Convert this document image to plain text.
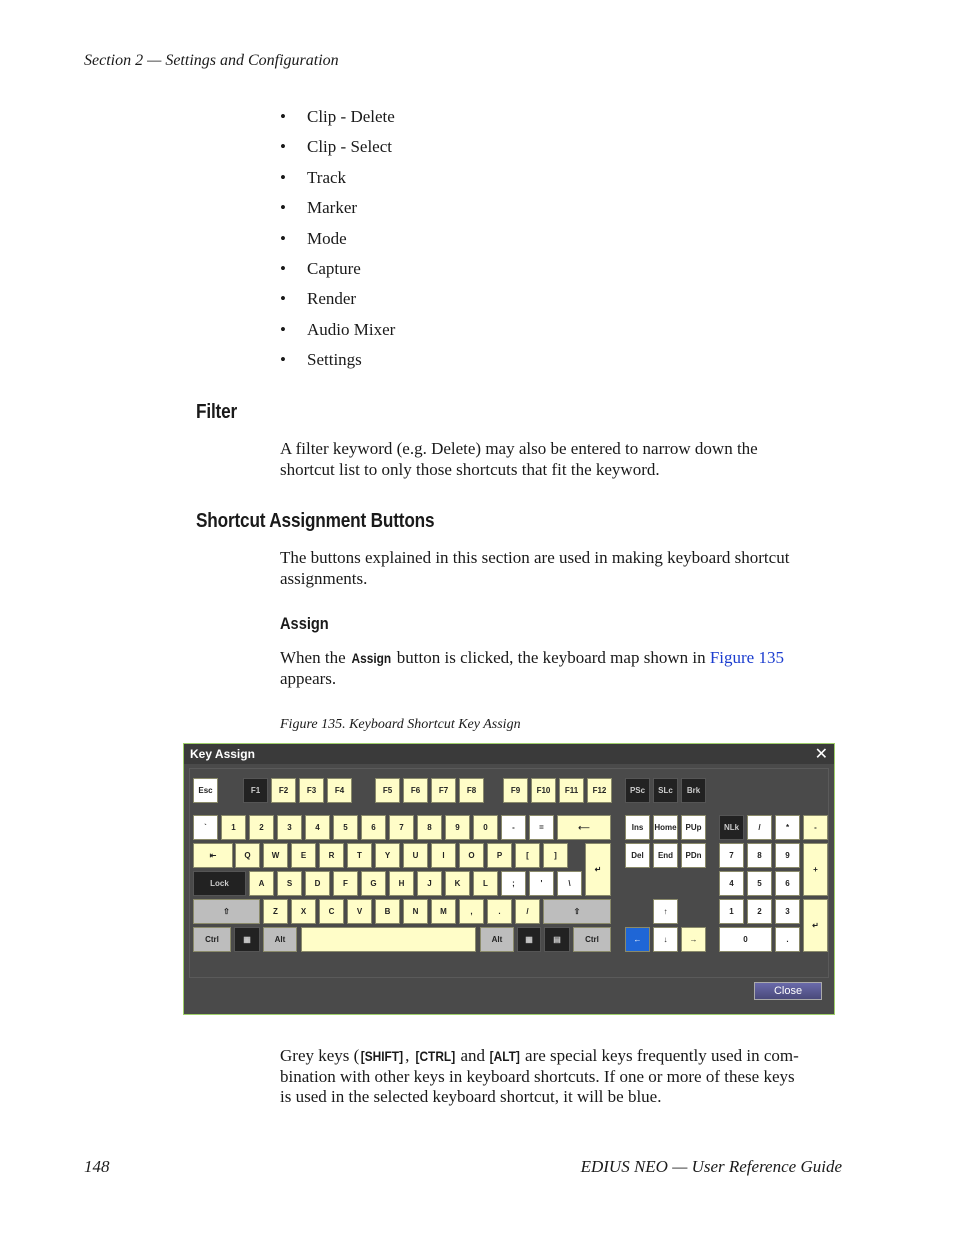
Section 2 — Settings and Configuration
•	Clip - Delete
•	Clip - Select
•	Track
•	Marker
•	Mode
•	Capture
•	Render
•	Audio Mixer
•	Settings
Filter
A filter keyword (e.g. Delete) may also be entered to narrow down the
shortcut list to only those shortcuts that fit the keyword.
Shortcut Assignment Buttons
The buttons explained in this section are used in making keyboard shortcut
assignments.
Assign
When the Assign button is clicked, the keyboard map shown in Figure 135
appears.
Figure 135. Keyboard Shortcut Key Assign
Key Assign	✕
Esc	F1	F2	F3	F4	F5	F6	F7	F8	F9	F10	F11	F12	PSc	SLc	Brk
`	1	2	3	4	5	6	7	8	9	0	-	=	⟵
⇤	Q	W	E	R	T	Y	U	I	O	P	[	]
↵
Lock	A	S	D	F	G	H	J	K	L	;	'	\
⇧	Z	X	C	V	B	N	M	,	.	/	⇧
Ctrl	▦	Alt	Alt	▦	▤	Ctrl
Ins	Home	PUp
Del	End	PDn
↑
←	↓	→
NLk	/	*	-
7	8	9
+
4	5	6
1	2	3
0	.
↵
Close
Grey keys ( [SHIFT] , [CTRL] and [ALT] are special keys frequently used in com-
bination with other keys in keyboard shortcuts. If one or more of these keys
is used in the selected keyboard shortcut, it will be blue.
148	EDIUS NEO — User Reference Guide
